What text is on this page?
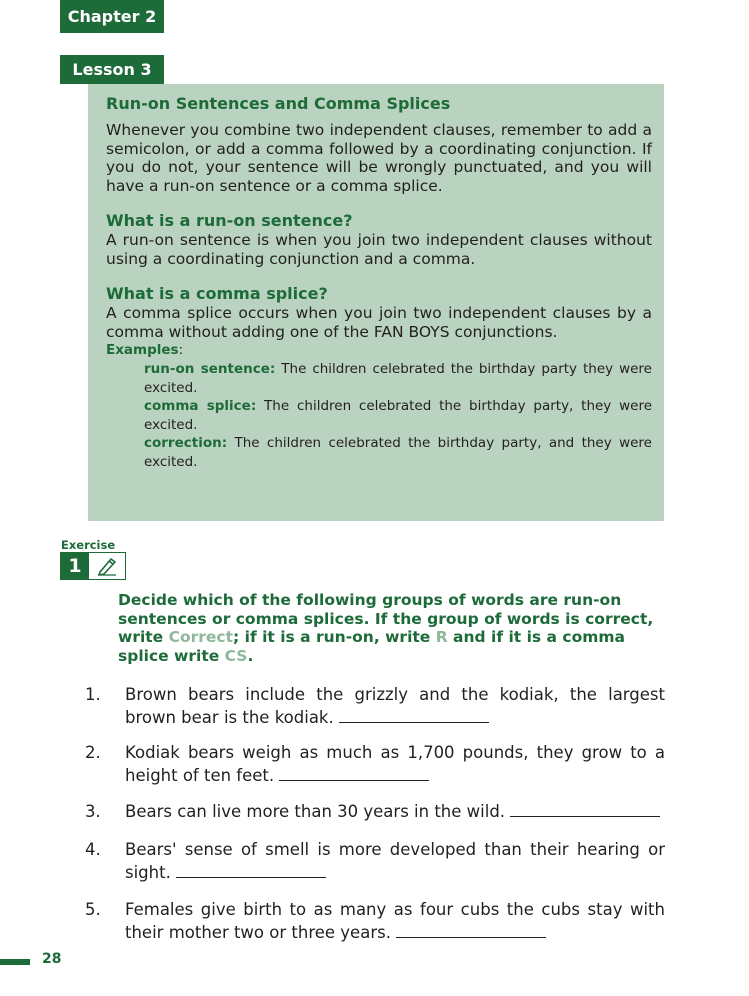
Chapter 2
Lesson 3

Run-on Sentences and Comma Splices

Whenever you combine two independent clauses, remember to add a semicolon, or add a comma followed by a coordinating conjunction. If you do not, your sentence will be wrongly punctuated, and you will have a run-on sentence or a comma splice.

What is a run-on sentence?

A run-on sentence is when you join two independent clauses without using a coordinating conjunction and a comma.

What is a comma splice?

A comma splice occurs when you join two independent clauses by a comma without adding one of the FAN BOYS conjunctions.

Examples:
run-on sentence: The children celebrated the birthday party they were excited.
comma splice: The children celebrated the birthday party, they were excited.
correction: The children celebrated the birthday party, and they were excited.
Exercise
1

Decide which of the following groups of words are run-on sentences or comma splices. If the group of words is correct, write Correct; if it is a run-on, write R and if it is a comma splice write CS.

1.	Brown bears include the grizzly and the kodiak, the largest brown bear is the kodiak.
2.	Kodiak bears weigh as much as 1,700 pounds, they grow to a height of ten feet.
3.	Bears can live more than 30 years in the wild.
4.	Bears' sense of smell is more developed than their hearing or sight.
5.	Females give birth to as many as four cubs the cubs stay with their mother two or three years.
28
